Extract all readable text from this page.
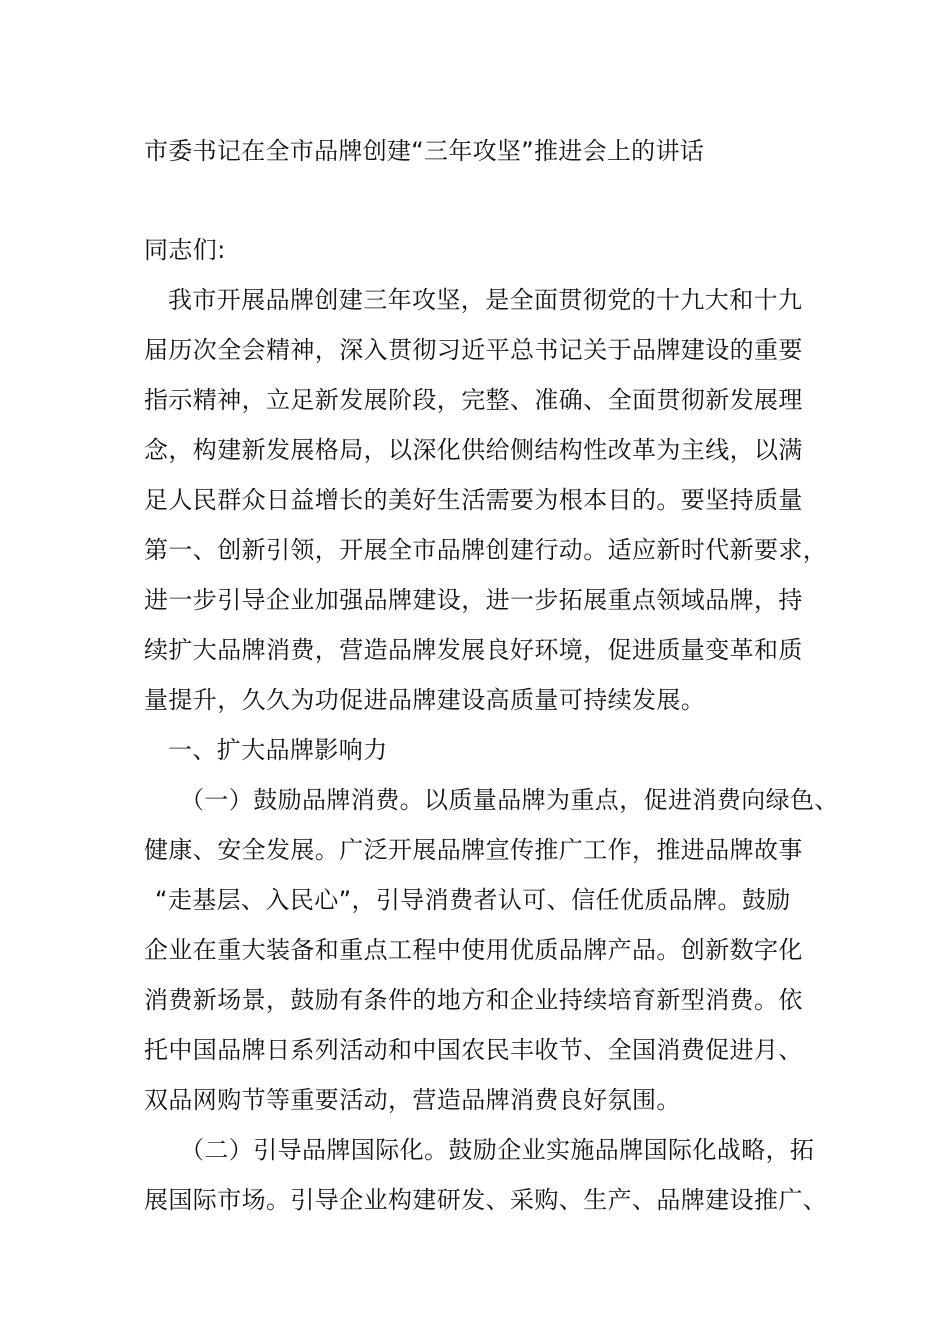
市委书记在全市品牌创建“三年攻坚”推进会上的讲话
同志们:
我市开展品牌创建三年攻坚，是全面贯彻党的十九大和十九
届历次全会精神，深入贯彻习近平总书记关于品牌建设的重要
指示精神，立足新发展阶段，完整、准确、全面贯彻新发展理
念，构建新发展格局，以深化供给侧结构性改革为主线，以满
足人民群众日益增长的美好生活需要为根本目的。要坚持质量
第一、创新引领，开展全市品牌创建行动。适应新时代新要求，
进一步引导企业加强品牌建设，进一步拓展重点领域品牌，持
续扩大品牌消费，营造品牌发展良好环境，促进质量变革和质
量提升，久久为功促进品牌建设高质量可持续发展。
一、扩大品牌影响力
（一）鼓励品牌消费。以质量品牌为重点，促进消费向绿色、
健康、安全发展。广泛开展品牌宣传推广工作，推进品牌故事
“走基层、入民心”，引导消费者认可、信任优质品牌。鼓励
企业在重大装备和重点工程中使用优质品牌产品。创新数字化
消费新场景，鼓励有条件的地方和企业持续培育新型消费。依
托中国品牌日系列活动和中国农民丰收节、全国消费促进月、
双品网购节等重要活动，营造品牌消费良好氛围。
（二）引导品牌国际化。鼓励企业实施品牌国际化战略，拓
展国际市场。引导企业构建研发、采购、生产、品牌建设推广、
